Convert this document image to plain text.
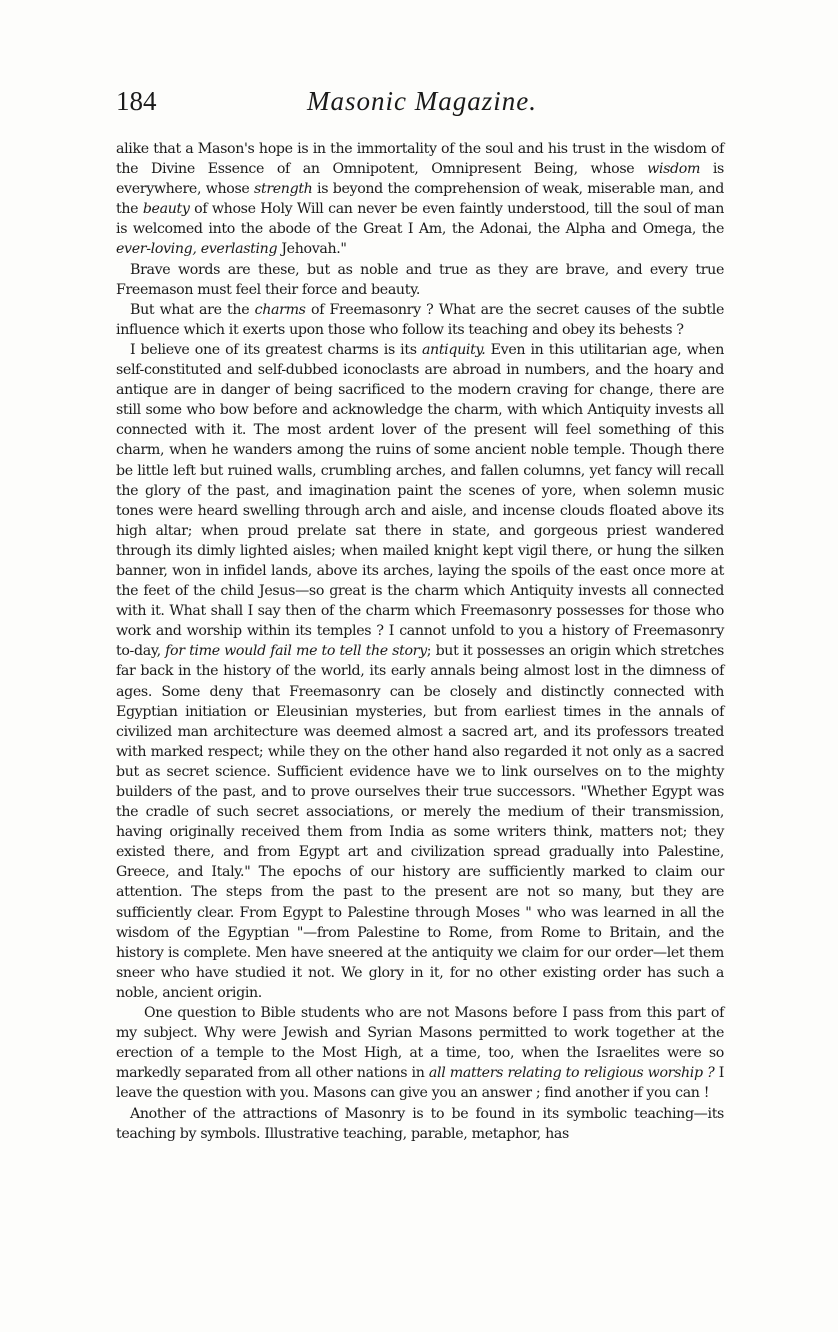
184	Masonic Magazine.

alike that a Mason's hope is in the immortality of the soul and his trust in the wisdom of the Divine Essence of an Omnipotent, Omnipresent Being, whose wisdom is everywhere, whose strength is beyond the comprehension of weak, miserable man, and the beauty of whose Holy Will can never be even faintly understood, till the soul of man is welcomed into the abode of the Great I Am, the Adonai, the Alpha and Omega, the ever-loving, everlasting Jehovah."

Brave words are these, but as noble and true as they are brave, and every true Freemason must feel their force and beauty.

But what are the charms of Freemasonry ? What are the secret causes of the subtle influence which it exerts upon those who follow its teaching and obey its behests ?

I believe one of its greatest charms is its antiquity. Even in this utilitarian age, when self-constituted and self-dubbed iconoclasts are abroad in numbers, and the hoary and antique are in danger of being sacrificed to the modern craving for change, there are still some who bow before and acknowledge the charm, with which Antiquity invests all connected with it. The most ardent lover of the present will feel something of this charm, when he wanders among the ruins of some ancient noble temple. Though there be little left but ruined walls, crumbling arches, and fallen columns, yet fancy will recall the glory of the past, and imagination paint the scenes of yore, when solemn music tones were heard swelling through arch and aisle, and incense clouds floated above its high altar; when proud prelate sat there in state, and gorgeous priest wandered through its dimly lighted aisles; when mailed knight kept vigil there, or hung the silken banner, won in infidel lands, above its arches, laying the spoils of the east once more at the feet of the child Jesus—so great is the charm which Antiquity invests all connected with it. What shall I say then of the charm which Freemasonry possesses for those who work and worship within its temples ? I cannot unfold to you a history of Freemasonry to-day, for time would fail me to tell the story; but it possesses an origin which stretches far back in the history of the world, its early annals being almost lost in the dimness of ages. Some deny that Freemasonry can be closely and distinctly connected with Egyptian initiation or Eleusinian mysteries, but from earliest times in the annals of civilized man architecture was deemed almost a sacred art, and its professors treated with marked respect; while they on the other hand also regarded it not only as a sacred but as secret science. Sufficient evidence have we to link ourselves on to the mighty builders of the past, and to prove ourselves their true successors. "Whether Egypt was the cradle of such secret associations, or merely the medium of their transmission, having originally received them from India as some writers think, matters not; they existed there, and from Egypt art and civilization spread gradually into Palestine, Greece, and Italy." The epochs of our history are sufficiently marked to claim our attention. The steps from the past to the present are not so many, but they are sufficiently clear. From Egypt to Palestine through Moses " who was learned in all the wisdom of the Egyptian "—from Palestine to Rome, from Rome to Britain, and the history is complete. Men have sneered at the antiquity we claim for our order—let them sneer who have studied it not. We glory in it, for no other existing order has such a noble, ancient origin.

One question to Bible students who are not Masons before I pass from this part of my subject. Why were Jewish and Syrian Masons permitted to work together at the erection of a temple to the Most High, at a time, too, when the Israelites were so markedly separated from all other nations in all matters relating to religious worship ? I leave the question with you. Masons can give you an answer ; find another if you can !

Another of the attractions of Masonry is to be found in its symbolic teaching—its teaching by symbols. Illustrative teaching, parable, metaphor, has
